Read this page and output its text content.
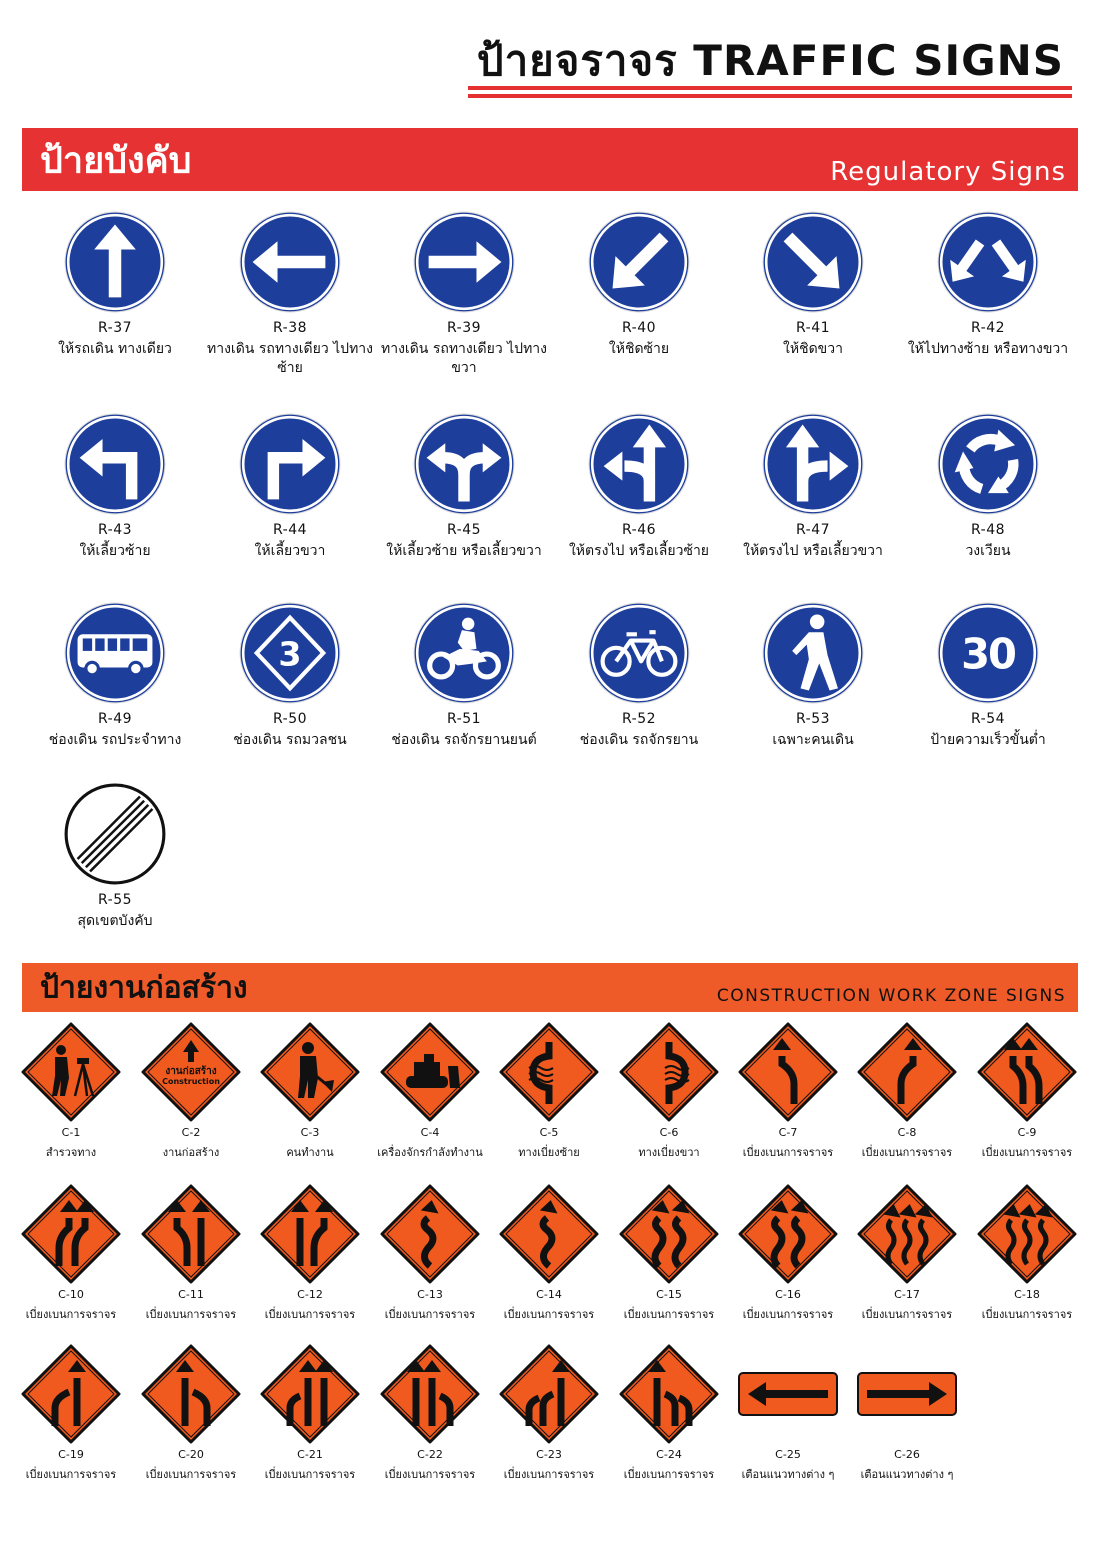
ป้ายจราจร TRAFFIC SIGNS
ป้ายบังคับ	Regulatory Signs
R-37
ให้รถเดิน ทางเดียว
R-38
ทางเดิน รถทางเดียว ไปทางซ้าย
R-39
ทางเดิน รถทางเดียว ไปทางขวา
R-40
ให้ชิดซ้าย
R-41
ให้ชิดขวา
R-42
ให้ไปทางซ้าย หรือทางขวา
R-43
ให้เลี้ยวซ้าย
R-44
ให้เลี้ยวขวา
R-45
ให้เลี้ยวซ้าย หรือเลี้ยวขวา
R-46
ให้ตรงไป หรือเลี้ยวซ้าย
R-47
ให้ตรงไป หรือเลี้ยวขวา
R-48
วงเวียน
R-49
ช่องเดิน รถประจำทาง
3
R-50
ช่องเดิน รถมวลชน
R-51
ช่องเดิน รถจักรยานยนต์
R-52
ช่องเดิน รถจักรยาน
R-53
เฉพาะคนเดิน
30
R-54
ป้ายความเร็วขั้นต่ำ
R-55
สุดเขตบังคับ
ป้ายงานก่อสร้าง	CONSTRUCTION WORK ZONE SIGNS
C-1
สำรวจทาง
งานก่อสร้าง
Construction
C-2
งานก่อสร้าง
C-3
คนทำงาน
C-4
เครื่องจักรกำลังทำงาน
C-5
ทางเบี่ยงซ้าย
C-6
ทางเบี่ยงขวา
C-7
เบี่ยงเบนการจราจร
C-8
เบี่ยงเบนการจราจร
C-9
เบี่ยงเบนการจราจร
C-10
เบี่ยงเบนการจราจร
C-11
เบี่ยงเบนการจราจร
C-12
เบี่ยงเบนการจราจร
C-13
เบี่ยงเบนการจราจร
C-14
เบี่ยงเบนการจราจร
C-15
เบี่ยงเบนการจราจร
C-16
เบี่ยงเบนการจราจร
C-17
เบี่ยงเบนการจราจร
C-18
เบี่ยงเบนการจราจร
C-19
เบี่ยงเบนการจราจร
C-20
เบี่ยงเบนการจราจร
C-21
เบี่ยงเบนการจราจร
C-22
เบี่ยงเบนการจราจร
C-23
เบี่ยงเบนการจราจร
C-24
เบี่ยงเบนการจราจร
C-25
เตือนแนวทางต่าง ๆ
C-26
เตือนแนวทางต่าง ๆ
